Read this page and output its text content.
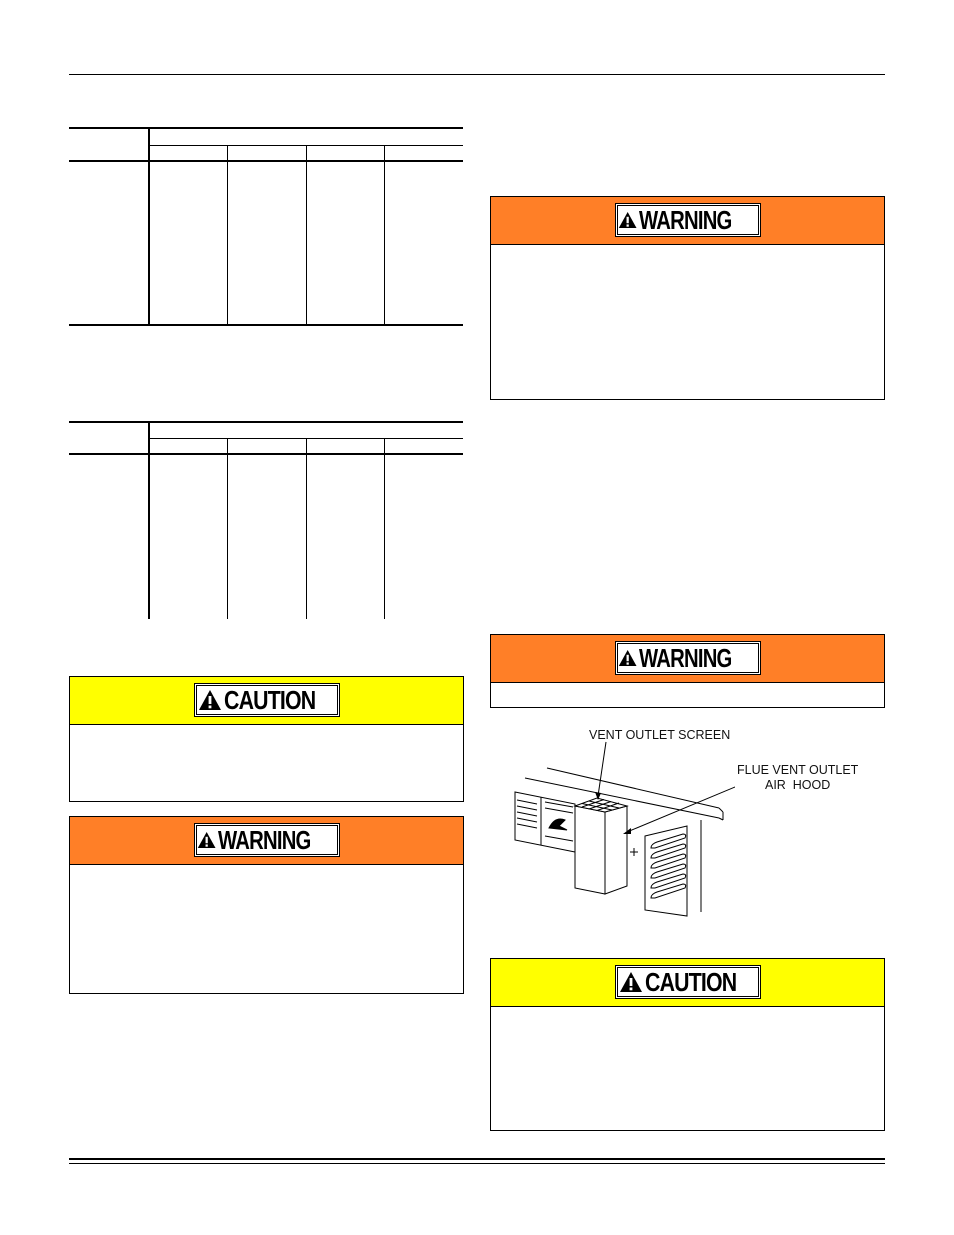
CAUTION
WARNING
WARNING
WARNING
VENT OUTLET SCREEN
FLUE VENT OUTLET
AIR  HOOD
CAUTION
